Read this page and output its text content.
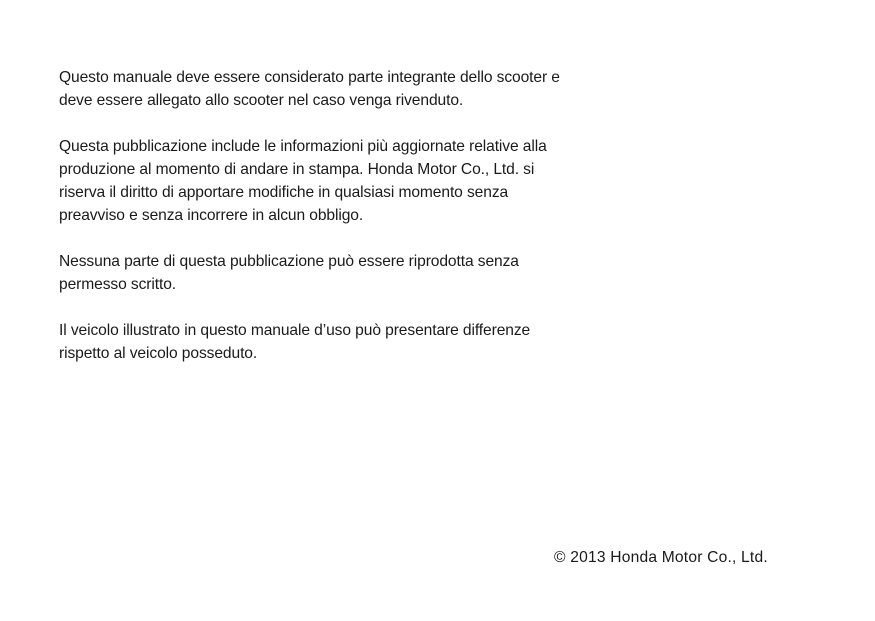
Questo manuale deve essere considerato parte integrante dello scooter e
deve essere allegato allo scooter nel caso venga rivenduto.

Questa pubblicazione include le informazioni più aggiornate relative alla
produzione al momento di andare in stampa. Honda Motor Co., Ltd. si
riserva il diritto di apportare modifiche in qualsiasi momento senza
preavviso e senza incorrere in alcun obbligo.

Nessuna parte di questa pubblicazione può essere riprodotta senza
permesso scritto.

Il veicolo illustrato in questo manuale d’uso può presentare differenze
rispetto al veicolo posseduto.

© 2013 Honda Motor Co., Ltd.
